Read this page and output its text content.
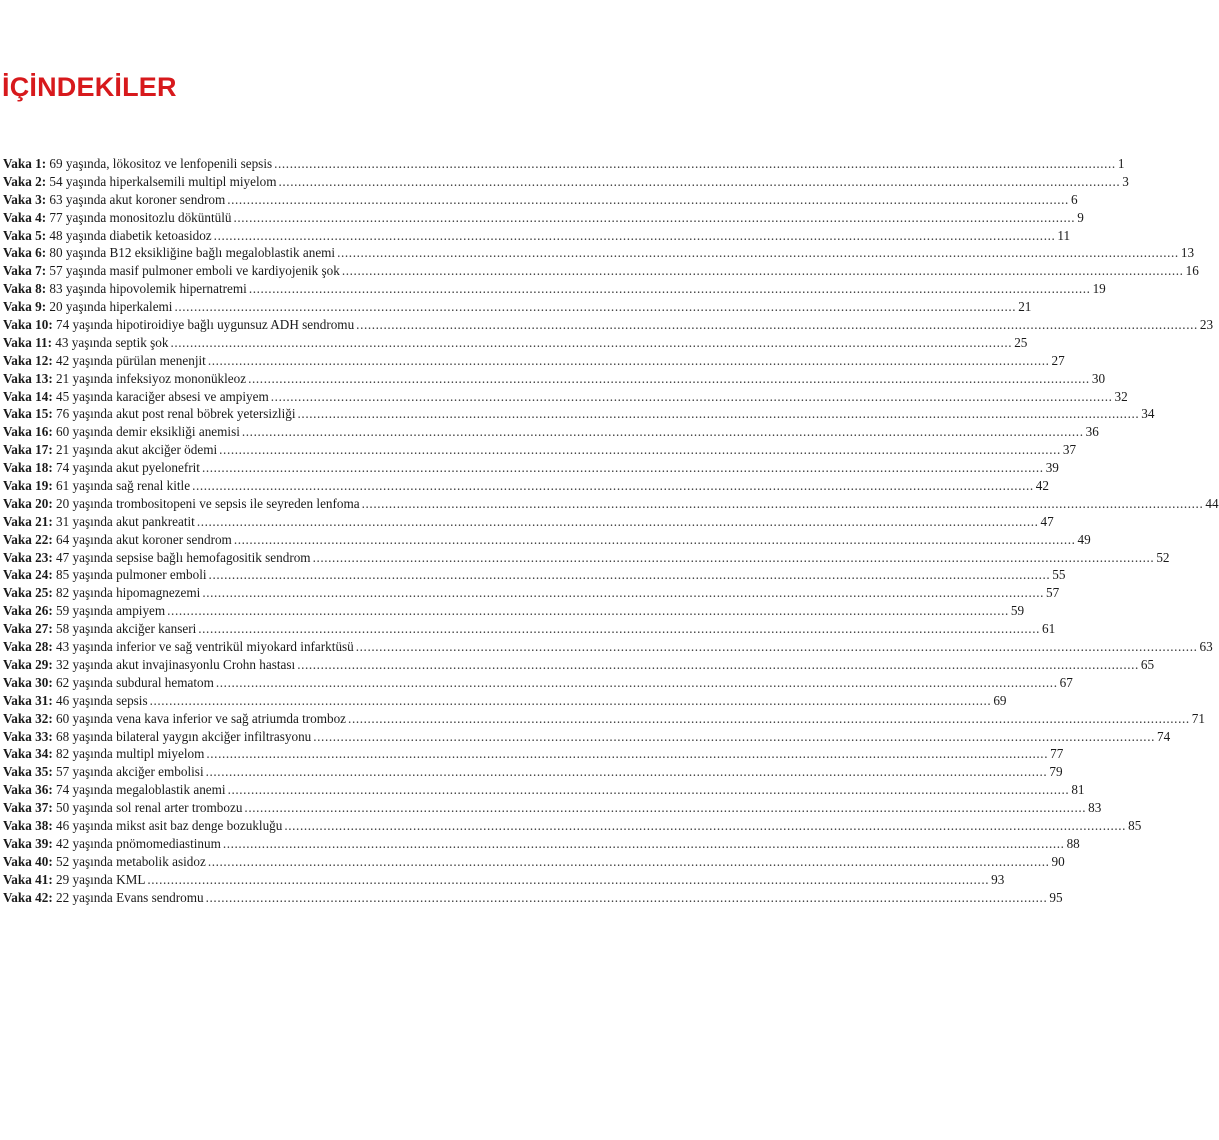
İÇİNDEKİLER
Vaka 1: 69 yaşında, lökositoz ve lenfopenili sepsis .....	1
Vaka 2: 54 yaşında hiperkalsemili multipl miyelom .....	3
Vaka 3: 63 yaşında akut koroner sendrom .....	6
Vaka 4: 77 yaşında monositozlu döküntülü .....	9
Vaka 5: 48 yaşında diabetik ketoasidoz .....	11
Vaka 6: 80 yaşında B12 eksikliğine bağlı megaloblastik anemi .....	13
Vaka 7: 57 yaşında masif pulmoner emboli ve kardiyojenik şok .....	16
Vaka 8: 83 yaşında hipovolemik hipernatremi .....	19
Vaka 9: 20 yaşında hiperkalemi .....	21
Vaka 10: 74 yaşında hipotiroidiye bağlı uygunsuz ADH sendromu .....	23
Vaka 11: 43 yaşında septik şok .....	25
Vaka 12: 42 yaşında pürülan menenjit .....	27
Vaka 13: 21 yaşında infeksiyoz mononükleoz .....	30
Vaka 14: 45 yaşında karaciğer absesi ve ampiyem .....	32
Vaka 15: 76 yaşında akut post renal böbrek yetersizliği .....	34
Vaka 16: 60 yaşında demir eksikliği anemisi .....	36
Vaka 17: 21 yaşında akut akciğer ödemi .....	37
Vaka 18: 74 yaşında akut pyelonefrit .....	39
Vaka 19: 61 yaşında sağ renal kitle .....	42
Vaka 20: 20 yaşında trombositopeni ve sepsis ile seyreden lenfoma .....	44
Vaka 21: 31 yaşında akut pankreatit .....	47
Vaka 22: 64 yaşında akut koroner sendrom .....	49
Vaka 23: 47 yaşında sepsise bağlı hemofagositik sendrom .....	52
Vaka 24: 85 yaşında pulmoner emboli .....	55
Vaka 25: 82 yaşında hipomagnezemi .....	57
Vaka 26: 59 yaşında ampiyem .....	59
Vaka 27: 58 yaşında akciğer kanseri .....	61
Vaka 28: 43 yaşında inferior ve sağ ventrikül miyokard infarktüsü .....	63
Vaka 29: 32 yaşında akut invajinasyonlu Crohn hastası .....	65
Vaka 30: 62 yaşında subdural hematom .....	67
Vaka 31: 46 yaşında sepsis .....	69
Vaka 32: 60 yaşında vena kava inferior ve sağ atriumda tromboz .....	71
Vaka 33: 68 yaşında bilateral yaygın akciğer infiltrasyonu .....	74
Vaka 34: 82 yaşında multipl miyelom .....	77
Vaka 35: 57 yaşında akciğer embolisi .....	79
Vaka 36: 74 yaşında megaloblastik anemi .....	81
Vaka 37: 50 yaşında sol renal arter trombozu .....	83
Vaka 38: 46 yaşında mikst asit baz denge bozukluğu .....	85
Vaka 39: 42 yaşında pnömomediastinum .....	88
Vaka 40: 52 yaşında metabolik asidoz .....	90
Vaka 41: 29 yaşında KML .....	93
Vaka 42: 22 yaşında Evans sendromu .....	95
